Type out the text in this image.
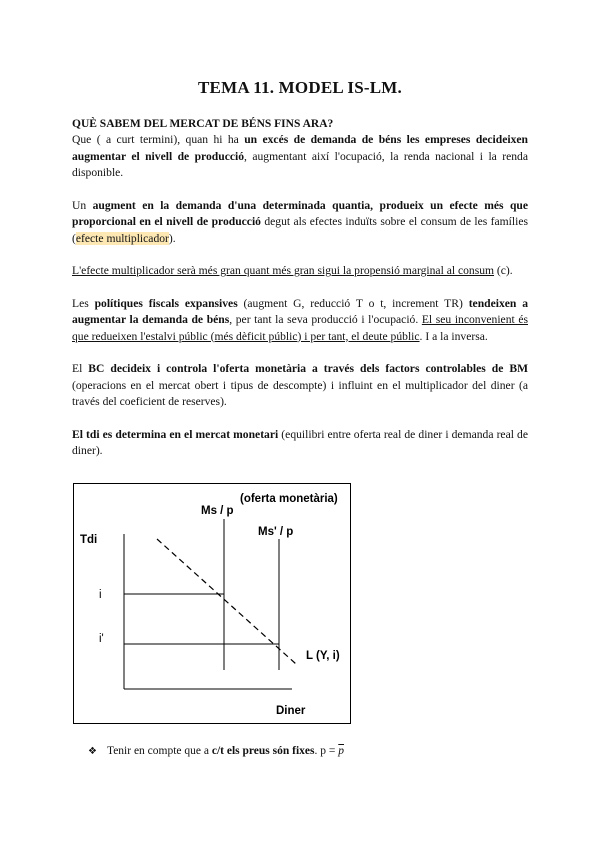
TEMA 11. MODEL IS-LM.
QUÈ SABEM DEL MERCAT DE BÉNS FINS ARA?

Que ( a curt termini), quan hi ha un excés de demanda de béns les empreses decideixen augmentar el nivell de producció, augmentant així l'ocupació, la renda nacional i la renda disponible.

Un augment en la demanda d'una determinada quantia, produeix un efecte més que proporcional en el nivell de producció degut als efectes induïts sobre el consum de les famílies (efecte multiplicador).

L'efecte multiplicador serà més gran quant més gran sigui la propensió marginal al consum (c).

Les polítiques fiscals expansives (augment G, reducció T o t, increment TR) tendeixen a augmentar la demanda de béns, per tant la seva producció i l'ocupació. El seu inconvenient és que redueixen l'estalvi públic (més dèficit públic) i per tant, el deute públic. I a la inversa.

El BC decideix i controla l'oferta monetària a través dels factors controlables de BM (operacions en el mercat obert i tipus de descompte) i influint en el multiplicador del diner (a través del coeficient de reserves).

El tdi es determina en el mercat monetari (equilibri entre oferta real de diner i demanda real de diner).

(oferta monetària)
Ms / p
Ms' / p
Tdi
i
i'
L (Y, i)
Diner
❖ Tenir en compte que a c/t els preus són fixes. $p = \overline{p}$
